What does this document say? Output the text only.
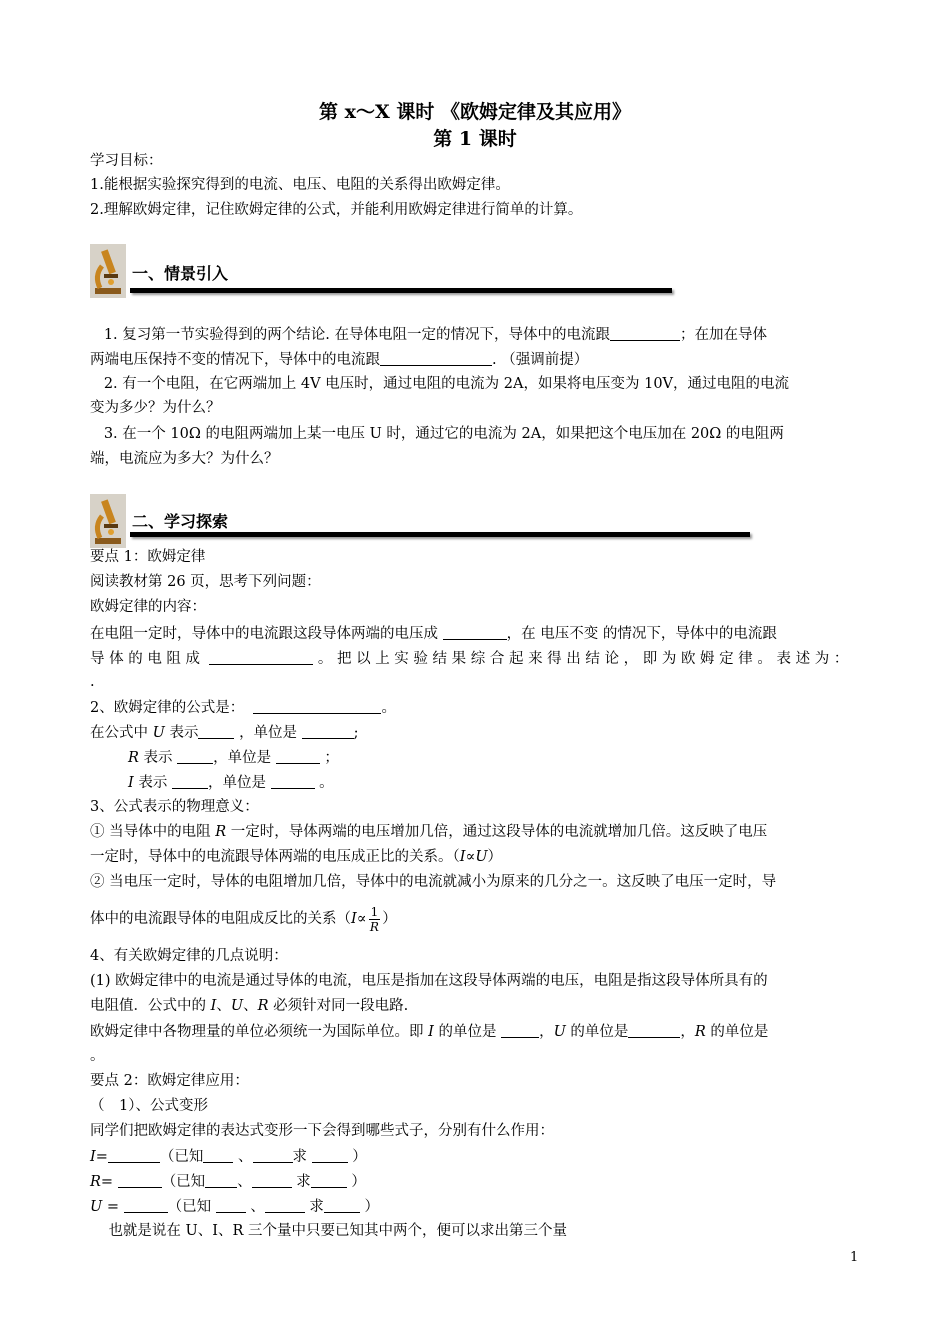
第 x～X 课时 《欧姆定律及其应用》
第 1 课时
学习目标：
1.能根据实验探究得到的电流、电压、电阻的关系得出欧姆定律。
2.理解欧姆定律，记住欧姆定律的公式，并能利用欧姆定律进行简单的计算。
一、情景引入
1. 复习第一节实验得到的两个结论. 在导体电阻一定的情况下，导体中的电流跟	；在加在导体
两端电压保持不变的情况下，导体中的电流跟	. （强调前提）
2. 有一个电阻，在它两端加上 4V 电压时，通过电阻的电流为 2A，如果将电压变为 10V，通过电阻的电流
变为多少？为什么？
3. 在一个 10Ω 的电阻两端加上某一电压 U 时，通过它的电流为 2A，如果把这个电压加在 20Ω 的电阻两
端，电流应为多大？为什么？
二、学习探索
要点 1：欧姆定律
阅读教材第 26 页，思考下列问题：
欧姆定律的内容：
在电阻一定时，导体中的电流跟这段导体两端的电压成	，在 电压不变 的情况下，导体中的电流跟
导 体 的 电 阻 成	。 把 以 上 实 验 结 果 综 合 起 来 得 出 结 论 ， 即 为 欧 姆 定 律 。 表 述 为 ：
.
2、欧姆定律的公式是：	。
在公式中 U 表示	，单位是	;
R 表示	，单位是	；
I 表示	，单位是	。
3、公式表示的物理意义：
① 当导体中的电阻 R 一定时，导体两端的电压增加几倍，通过这段导体的电流就增加几倍。这反映了电压
一定时，导体中的电流跟导体两端的电压成正比的关系。（I∝U）
② 当电压一定时，导体的电阻增加几倍，导体中的电流就减小为原来的几分之一。这反映了电压一定时，导
体中的电流跟导体的电阻成反比的关系（$I\propto \frac{1}{R}$ ）
4、有关欧姆定律的几点说明：
(1) 欧姆定律中的电流是通过导体的电流，电压是指加在这段导体两端的电压，电阻是指这段导体所具有的
电阻值．公式中的 I、U、R 必须针对同一段电路.
欧姆定律中各物理量的单位必须统一为国际单位。即 I 的单位是	，U 的单位是	，R 的单位是
。
要点 2：欧姆定律应用：
（　1）、公式变形
同学们把欧姆定律的表达式变形一下会得到哪些式子，分别有什么作用：
I=	（已知 、	求	）
R=	（已知 、	求	）
U =	（已知	、	求	）
也就是说在 U、I、R 三个量中只要已知其中两个，便可以求出第三个量
1
